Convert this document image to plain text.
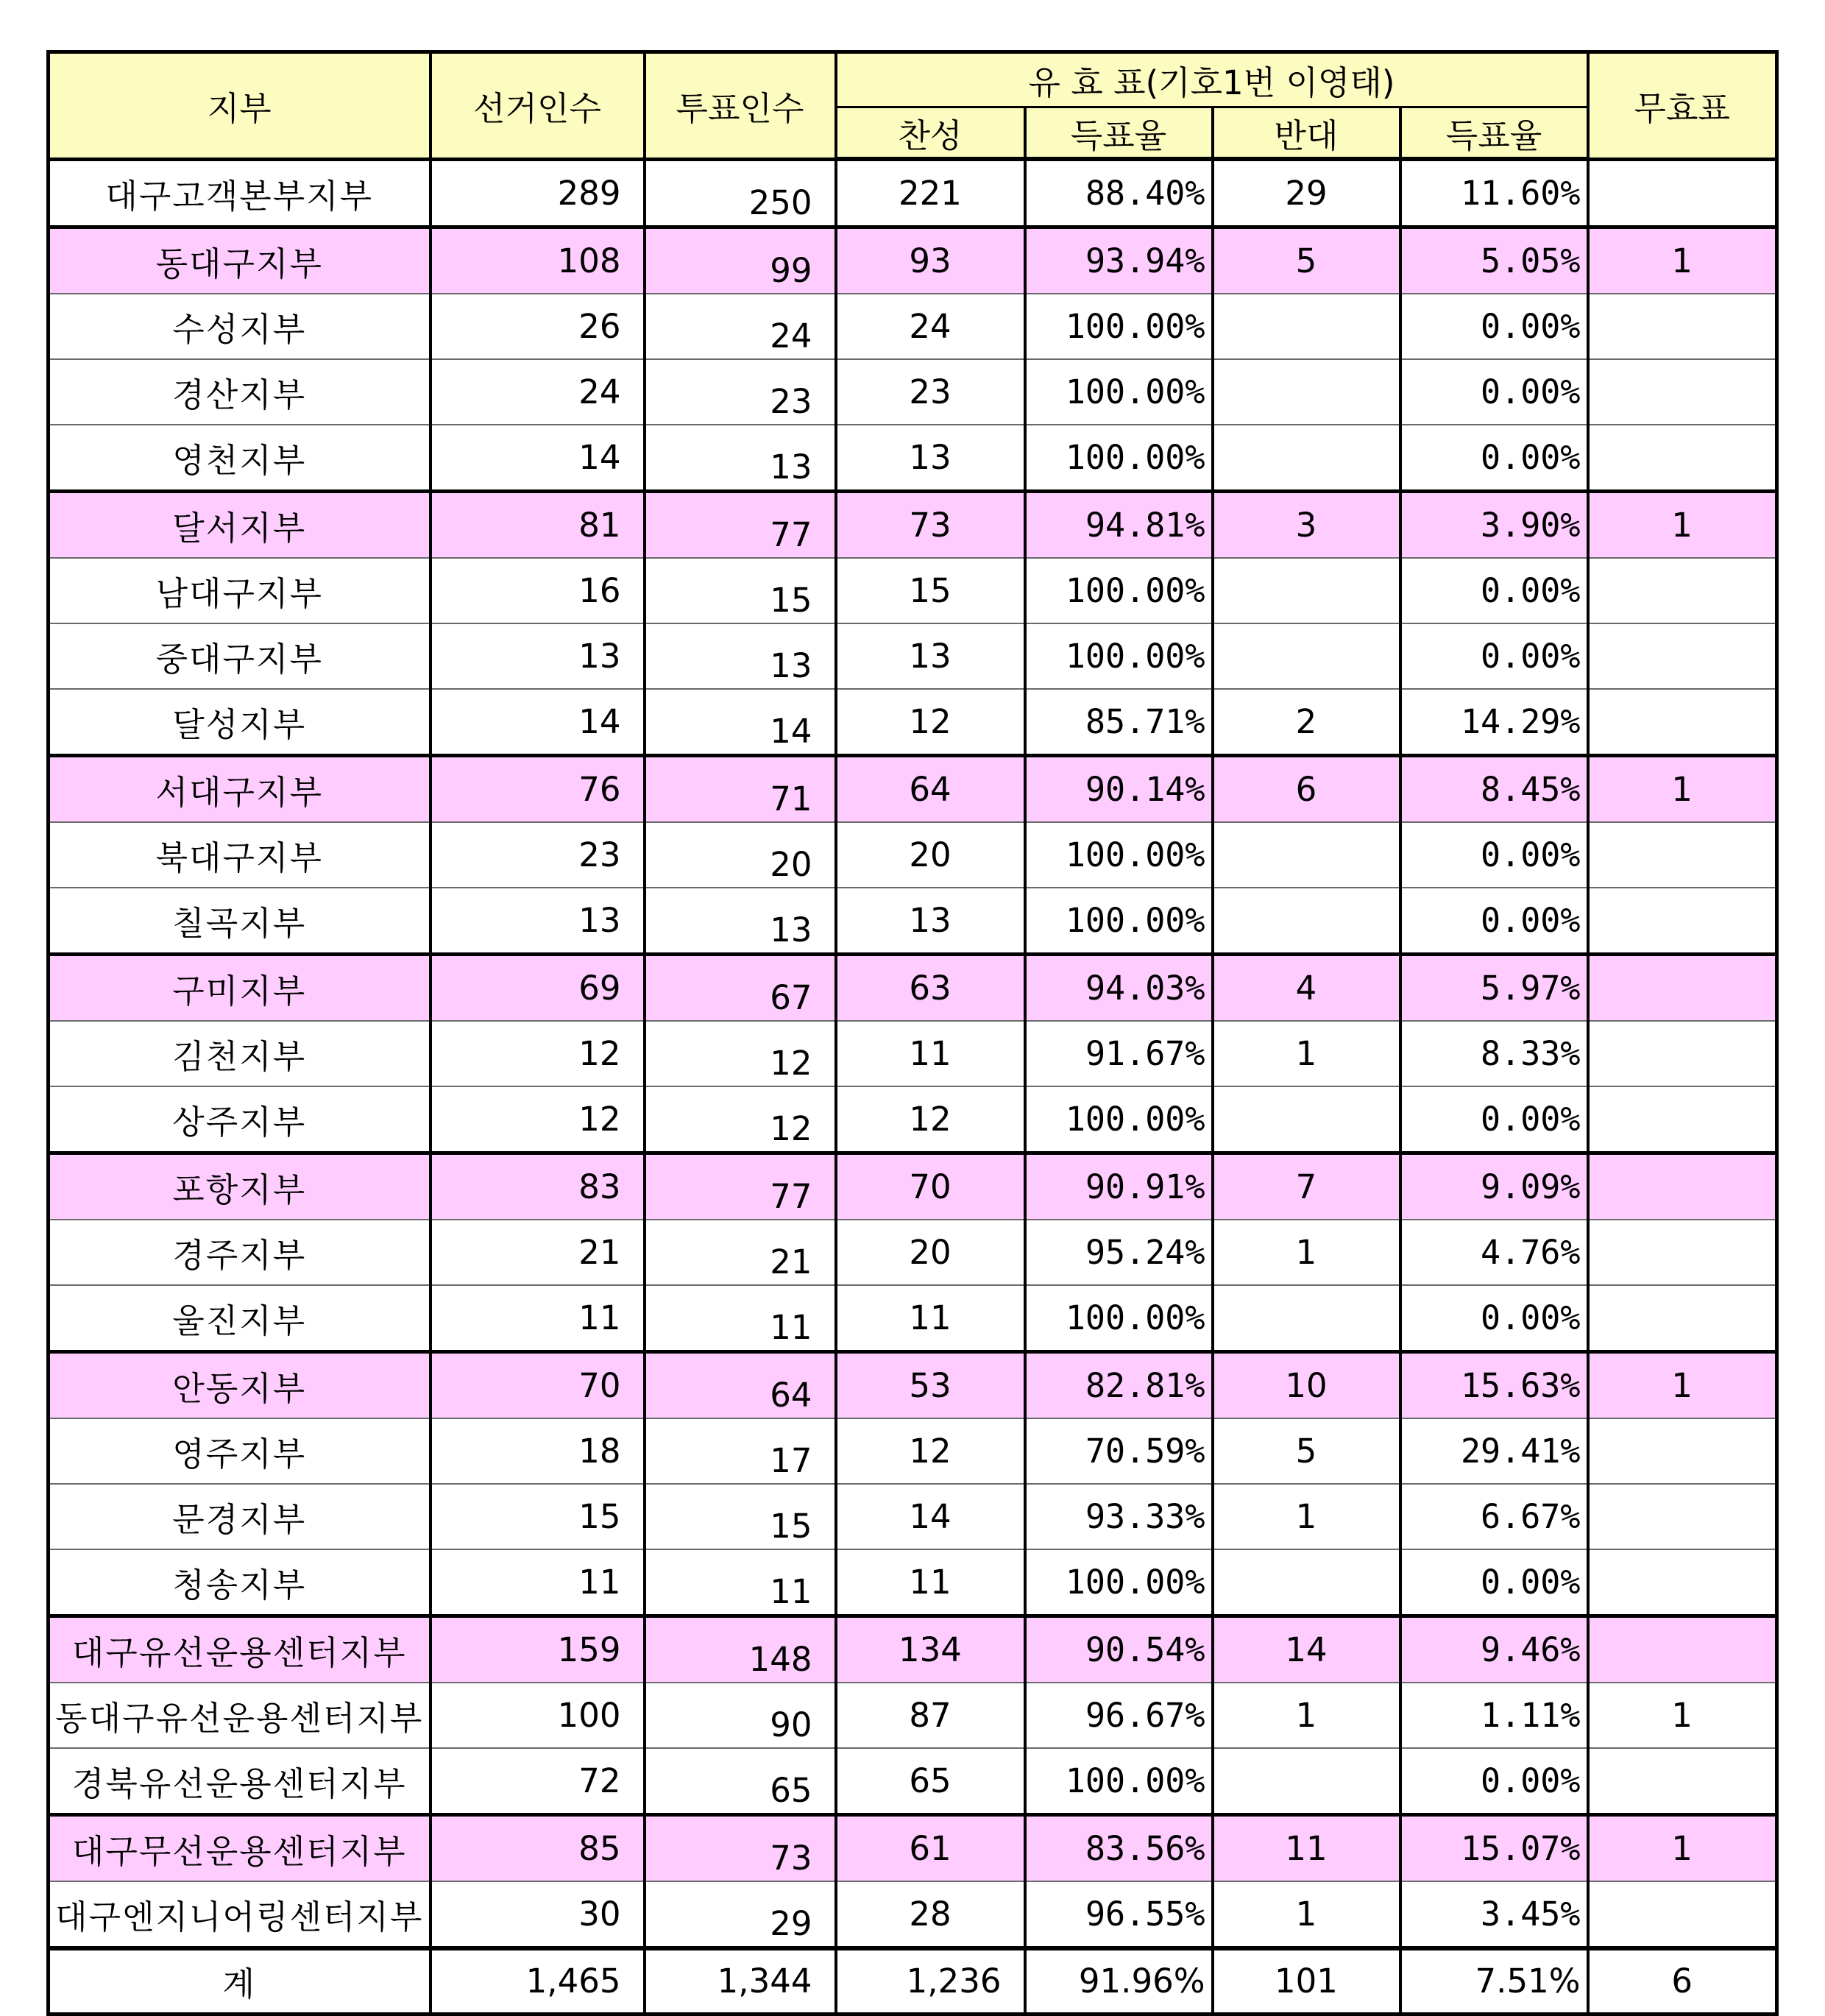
지부	선거인수	투표인수	유 효 표(기호1번 이영태)				무효표
			찬성	득표율	반대	득표율	
대구고객본부지부	289	250	221	88.40%	29	11.60%	
동대구지부	108	99	93	93.94%	5	5.05%	1
수성지부	26	24	24	100.00%		0.00%	
경산지부	24	23	23	100.00%		0.00%	
영천지부	14	13	13	100.00%		0.00%	
달서지부	81	77	73	94.81%	3	3.90%	1
남대구지부	16	15	15	100.00%		0.00%	
중대구지부	13	13	13	100.00%		0.00%	
달성지부	14	14	12	85.71%	2	14.29%	
서대구지부	76	71	64	90.14%	6	8.45%	1
북대구지부	23	20	20	100.00%		0.00%	
칠곡지부	13	13	13	100.00%		0.00%	
구미지부	69	67	63	94.03%	4	5.97%	
김천지부	12	12	11	91.67%	1	8.33%	
상주지부	12	12	12	100.00%		0.00%	
포항지부	83	77	70	90.91%	7	9.09%	
경주지부	21	21	20	95.24%	1	4.76%	
울진지부	11	11	11	100.00%		0.00%	
안동지부	70	64	53	82.81%	10	15.63%	1
영주지부	18	17	12	70.59%	5	29.41%	
문경지부	15	15	14	93.33%	1	6.67%	
청송지부	11	11	11	100.00%		0.00%	
대구유선운용센터지부	159	148	134	90.54%	14	9.46%	
동대구유선운용센터지부	100	90	87	96.67%	1	1.11%	1
경북유선운용센터지부	72	65	65	100.00%		0.00%	
대구무선운용센터지부	85	73	61	83.56%	11	15.07%	1
대구엔지니어링센터지부	30	29	28	96.55%	1	3.45%	
계	1,465	1,344	1,236	91.96%	101	7.51%	6
